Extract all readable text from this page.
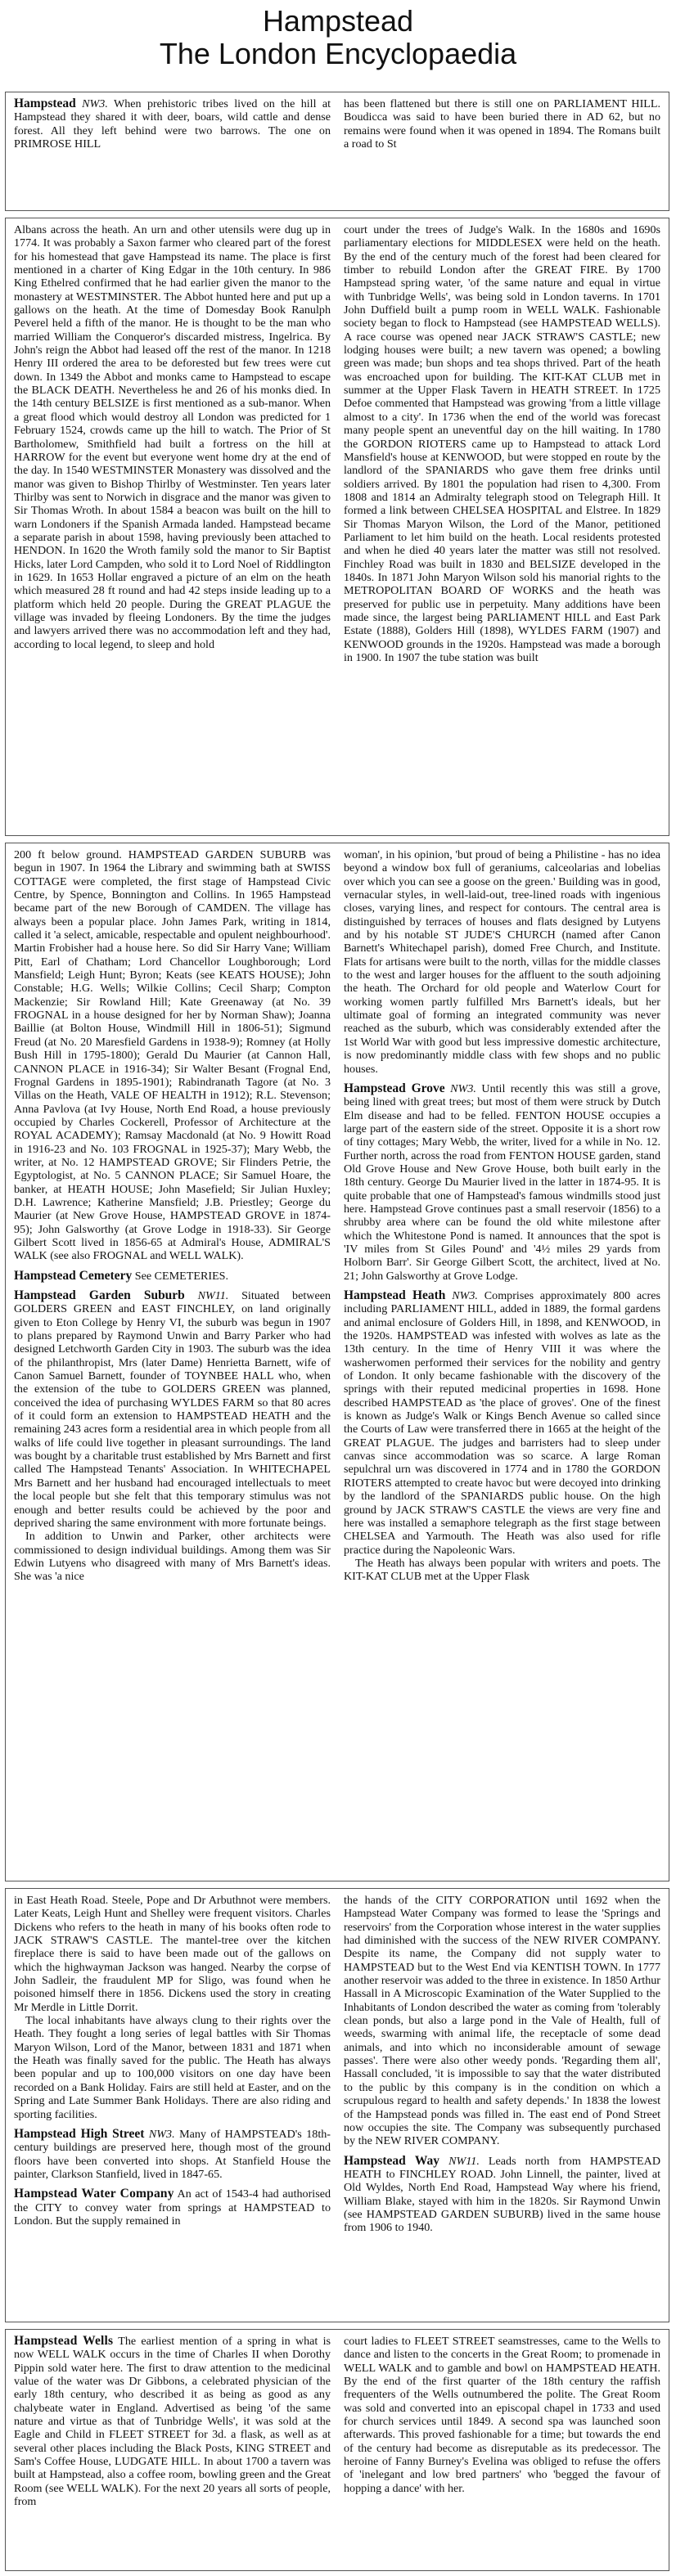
Hampstead
The London Encyclopaedia

Hampstead NW3. When prehistoric tribes lived on the hill at Hampstead they shared it with deer, boars, wild cattle and dense forest. All they left behind were two barrows. The one on PRIMROSE HILL

has been flattened but there is still one on PARLIAMENT HILL. Boudicca was said to have been buried there in AD 62, but no remains were found when it was opened in 1894. The Romans built a road to St

Albans across the heath. An urn and other utensils were dug up in 1774. It was probably a Saxon farmer who cleared part of the forest for his homestead that gave Hampstead its name. The place is first mentioned in a charter of King Edgar in the 10th century. In 986 King Ethelred confirmed that he had earlier given the manor to the monastery at WESTMINSTER. The Abbot hunted here and put up a gallows on the heath. At the time of Domesday Book Ranulph Peverel held a fifth of the manor. He is thought to be the man who married William the Conqueror's discarded mistress, Ingelrica. By John's reign the Abbot had leased off the rest of the manor. In 1218 Henry III ordered the area to be deforested but few trees were cut down. In 1349 the Abbot and monks came to Hampstead to escape the BLACK DEATH. Nevertheless he and 26 of his monks died. In the 14th century BELSIZE is first mentioned as a sub-manor. When a great flood which would destroy all London was predicted for 1 February 1524, crowds came up the hill to watch. The Prior of St Bartholomew, Smithfield had built a fortress on the hill at HARROW for the event but everyone went home dry at the end of the day. In 1540 WESTMINSTER Monastery was dissolved and the manor was given to Bishop Thirlby of Westminster. Ten years later Thirlby was sent to Norwich in disgrace and the manor was given to Sir Thomas Wroth. In about 1584 a beacon was built on the hill to warn Londoners if the Spanish Armada landed. Hampstead became a separate parish in about 1598, having previously been attached to HENDON. In 1620 the Wroth family sold the manor to Sir Baptist Hicks, later Lord Campden, who sold it to Lord Noel of Riddlington in 1629. In 1653 Hollar engraved a picture of an elm on the heath which measured 28 ft round and had 42 steps inside leading up to a platform which held 20 people. During the GREAT PLAGUE the village was invaded by fleeing Londoners. By the time the judges and lawyers arrived there was no accommodation left and they had, according to local legend, to sleep and hold

court under the trees of Judge's Walk. In the 1680s and 1690s parliamentary elections for MIDDLESEX were held on the heath. By the end of the century much of the forest had been cleared for timber to rebuild London after the GREAT FIRE. By 1700 Hampstead spring water, 'of the same nature and equal in virtue with Tunbridge Wells', was being sold in London taverns. In 1701 John Duffield built a pump room in WELL WALK. Fashionable society began to flock to Hampstead (see HAMPSTEAD WELLS). A race course was opened near JACK STRAW'S CASTLE; new lodging houses were built; a new tavern was opened; a bowling green was made; bun shops and tea shops thrived. Part of the heath was encroached upon for building. The KIT-KAT CLUB met in summer at the Upper Flask Tavern in HEATH STREET. In 1725 Defoe commented that Hampstead was growing 'from a little village almost to a city'. In 1736 when the end of the world was forecast many people spent an uneventful day on the hill waiting. In 1780 the GORDON RIOTERS came up to Hampstead to attack Lord Mansfield's house at KENWOOD, but were stopped en route by the landlord of the SPANIARDS who gave them free drinks until soldiers arrived. By 1801 the population had risen to 4,300. From 1808 and 1814 an Admiralty telegraph stood on Telegraph Hill. It formed a link between CHELSEA HOSPITAL and Elstree. In 1829 Sir Thomas Maryon Wilson, the Lord of the Manor, petitioned Parliament to let him build on the heath. Local residents protested and when he died 40 years later the matter was still not resolved. Finchley Road was built in 1830 and BELSIZE developed in the 1840s. In 1871 John Maryon Wilson sold his manorial rights to the METROPOLITAN BOARD OF WORKS and the heath was preserved for public use in perpetuity. Many additions have been made since, the largest being PARLIAMENT HILL and East Park Estate (1888), Golders Hill (1898), WYLDES FARM (1907) and KENWOOD grounds in the 1920s. Hampstead was made a borough in 1900. In 1907 the tube station was built

200 ft below ground. HAMPSTEAD GARDEN SUBURB was begun in 1907. In 1964 the Library and swimming bath at SWISS COTTAGE were completed, the first stage of Hampstead Civic Centre, by Spence, Bonnington and Collins. In 1965 Hampstead became part of the new Borough of CAMDEN. The village has always been a popular place. John James Park, writing in 1814, called it 'a select, amicable, respectable and opulent neighbourhood'. Martin Frobisher had a house here. So did Sir Harry Vane; William Pitt, Earl of Chatham; Lord Chancellor Loughborough; Lord Mansfield; Leigh Hunt; Byron; Keats (see KEATS HOUSE); John Constable; H.G. Wells; Wilkie Collins; Cecil Sharp; Compton Mackenzie; Sir Rowland Hill; Kate Greenaway (at No. 39 FROGNAL in a house designed for her by Norman Shaw); Joanna Baillie (at Bolton House, Windmill Hill in 1806-51); Sigmund Freud (at No. 20 Maresfield Gardens in 1938-9); Romney (at Holly Bush Hill in 1795-1800); Gerald Du Maurier (at Cannon Hall, CANNON PLACE in 1916-34); Sir Walter Besant (Frognal End, Frognal Gardens in 1895-1901); Rabindranath Tagore (at No. 3 Villas on the Heath, VALE OF HEALTH in 1912); R.L. Stevenson; Anna Pavlova (at Ivy House, North End Road, a house previously occupied by Charles Cockerell, Professor of Architecture at the ROYAL ACADEMY); Ramsay Macdonald (at No. 9 Howitt Road in 1916-23 and No. 103 FROGNAL in 1925-37); Mary Webb, the writer, at No. 12 HAMPSTEAD GROVE; Sir Flinders Petrie, the Egyptologist, at No. 5 CANNON PLACE; Sir Samuel Hoare, the banker, at HEATH HOUSE; John Masefield; Sir Julian Huxley; D.H. Lawrence; Katherine Mansfield; J.B. Priestley; George du Maurier (at New Grove House, HAMPSTEAD GROVE in 1874-95); John Galsworthy (at Grove Lodge in 1918-33). Sir George Gilbert Scott lived in 1856-65 at Admiral's House, ADMIRAL'S WALK (see also FROGNAL and WELL WALK).

Hampstead Cemetery See CEMETERIES.

Hampstead Garden Suburb NW11. Situated between GOLDERS GREEN and EAST FINCHLEY, on land originally given to Eton College by Henry VI, the suburb was begun in 1907 to plans prepared by Raymond Unwin and Barry Parker who had designed Letchworth Garden City in 1903. The suburb was the idea of the philanthropist, Mrs (later Dame) Henrietta Barnett, wife of Canon Samuel Barnett, founder of TOYNBEE HALL who, when the extension of the tube to GOLDERS GREEN was planned, conceived the idea of purchasing WYLDES FARM so that 80 acres of it could form an extension to HAMPSTEAD HEATH and the remaining 243 acres form a residential area in which people from all walks of life could live together in pleasant surroundings. The land was bought by a charitable trust established by Mrs Barnett and first called The Hampstead Tenants' Association. In WHITECHAPEL Mrs Barnett and her husband had encouraged intellectuals to meet the local people but she felt that this temporary stimulus was not enough and better results could be achieved by the poor and deprived sharing the same environment with more fortunate beings.

In addition to Unwin and Parker, other architects were commissioned to design individual buildings. Among them was Sir Edwin Lutyens who disagreed with many of Mrs Barnett's ideas. She was 'a nice

woman', in his opinion, 'but proud of being a Philistine - has no idea beyond a window box full of geraniums, calceolarias and lobelias over which you can see a goose on the green.' Building was in good, vernacular styles, in well-laid-out, tree-lined roads with ingenious closes, varying lines, and respect for contours. The central area is distinguished by terraces of houses and flats designed by Lutyens and by his notable ST JUDE'S CHURCH (named after Canon Barnett's Whitechapel parish), domed Free Church, and Institute. Flats for artisans were built to the north, villas for the middle classes to the west and larger houses for the affluent to the south adjoining the heath. The Orchard for old people and Waterlow Court for working women partly fulfilled Mrs Barnett's ideals, but her ultimate goal of forming an integrated community was never reached as the suburb, which was considerably extended after the 1st World War with good but less impressive domestic architecture, is now predominantly middle class with few shops and no public houses.

Hampstead Grove NW3. Until recently this was still a grove, being lined with great trees; but most of them were struck by Dutch Elm disease and had to be felled. FENTON HOUSE occupies a large part of the eastern side of the street. Opposite it is a short row of tiny cottages; Mary Webb, the writer, lived for a while in No. 12. Further north, across the road from FENTON HOUSE garden, stand Old Grove House and New Grove House, both built early in the 18th century. George Du Maurier lived in the latter in 1874-95. It is quite probable that one of Hampstead's famous windmills stood just here. Hampstead Grove continues past a small reservoir (1856) to a shrubby area where can be found the old white milestone after which the Whitestone Pond is named. It announces that the spot is 'IV miles from St Giles Pound' and '4½ miles 29 yards from Holborn Barr'. Sir George Gilbert Scott, the architect, lived at No. 21; John Galsworthy at Grove Lodge.

Hampstead Heath NW3. Comprises approximately 800 acres including PARLIAMENT HILL, added in 1889, the formal gardens and animal enclosure of Golders Hill, in 1898, and KENWOOD, in the 1920s. HAMPSTEAD was infested with wolves as late as the 13th century. In the time of Henry VIII it was where the washerwomen performed their services for the nobility and gentry of London. It only became fashionable with the discovery of the springs with their reputed medicinal properties in 1698. Hone described HAMPSTEAD as 'the place of groves'. One of the finest is known as Judge's Walk or Kings Bench Avenue so called since the Courts of Law were transferred there in 1665 at the height of the GREAT PLAGUE. The judges and barristers had to sleep under canvas since accommodation was so scarce. A large Roman sepulchral urn was discovered in 1774 and in 1780 the GORDON RIOTERS attempted to create havoc but were decoyed into drinking by the landlord of the SPANIARDS public house. On the high ground by JACK STRAW'S CASTLE the views are very fine and here was installed a semaphore telegraph as the first stage between CHELSEA and Yarmouth. The Heath was also used for rifle practice during the Napoleonic Wars.

The Heath has always been popular with writers and poets. The KIT-KAT CLUB met at the Upper Flask

in East Heath Road. Steele, Pope and Dr Arbuthnot were members. Later Keats, Leigh Hunt and Shelley were frequent visitors. Charles Dickens who refers to the heath in many of his books often rode to JACK STRAW'S CASTLE. The mantel-tree over the kitchen fireplace there is said to have been made out of the gallows on which the highwayman Jackson was hanged. Nearby the corpse of John Sadleir, the fraudulent MP for Sligo, was found when he poisoned himself there in 1856. Dickens used the story in creating Mr Merdle in Little Dorrit.

The local inhabitants have always clung to their rights over the Heath. They fought a long series of legal battles with Sir Thomas Maryon Wilson, Lord of the Manor, between 1831 and 1871 when the Heath was finally saved for the public. The Heath has always been popular and up to 100,000 visitors on one day have been recorded on a Bank Holiday. Fairs are still held at Easter, and on the Spring and Late Summer Bank Holidays. There are also riding and sporting facilities.

Hampstead High Street NW3. Many of HAMPSTEAD's 18th-century buildings are preserved here, though most of the ground floors have been converted into shops. At Stanfield House the painter, Clarkson Stanfield, lived in 1847-65.

Hampstead Water Company An act of 1543-4 had authorised the CITY to convey water from springs at HAMPSTEAD to London. But the supply remained in

the hands of the CITY CORPORATION until 1692 when the Hampstead Water Company was formed to lease the 'Springs and reservoirs' from the Corporation whose interest in the water supplies had diminished with the success of the NEW RIVER COMPANY. Despite its name, the Company did not supply water to HAMPSTEAD but to the West End via KENTISH TOWN. In 1777 another reservoir was added to the three in existence. In 1850 Arthur Hassall in A Microscopic Examination of the Water Supplied to the Inhabitants of London described the water as coming from 'tolerably clean ponds, but also a large pond in the Vale of Health, full of weeds, swarming with animal life, the receptacle of some dead animals, and into which no inconsiderable amount of sewage passes'. There were also other weedy ponds. 'Regarding them all', Hassall concluded, 'it is impossible to say that the water distributed to the public by this company is in the condition on which a scrupulous regard to health and safety depends.' In 1838 the lowest of the Hampstead ponds was filled in. The east end of Pond Street now occupies the site. The Company was subsequently purchased by the NEW RIVER COMPANY.

Hampstead Way NW11. Leads north from HAMPSTEAD HEATH to FINCHLEY ROAD. John Linnell, the painter, lived at Old Wyldes, North End Road, Hampstead Way where his friend, William Blake, stayed with him in the 1820s. Sir Raymond Unwin (see HAMPSTEAD GARDEN SUBURB) lived in the same house from 1906 to 1940.

Hampstead Wells The earliest mention of a spring in what is now WELL WALK occurs in the time of Charles II when Dorothy Pippin sold water here. The first to draw attention to the medicinal value of the water was Dr Gibbons, a celebrated physician of the early 18th century, who described it as being as good as any chalybeate water in England. Advertised as being 'of the same nature and virtue as that of Tunbridge Wells', it was sold at the Eagle and Child in FLEET STREET for 3d. a flask, as well as at several other places including the Black Posts, KING STREET and Sam's Coffee House, LUDGATE HILL. In about 1700 a tavern was built at Hampstead, also a coffee room, bowling green and the Great Room (see WELL WALK). For the next 20 years all sorts of people, from

court ladies to FLEET STREET seamstresses, came to the Wells to dance and listen to the concerts in the Great Room; to promenade in WELL WALK and to gamble and bowl on HAMPSTEAD HEATH. By the end of the first quarter of the 18th century the raffish frequenters of the Wells outnumbered the polite. The Great Room was sold and converted into an episcopal chapel in 1733 and used for church services until 1849. A second spa was launched soon afterwards. This proved fashionable for a time; but towards the end of the century had become as disreputable as its predecessor. The heroine of Fanny Burney's Evelina was obliged to refuse the offers of 'inelegant and low bred partners' who 'begged the favour of hopping a dance' with her.
